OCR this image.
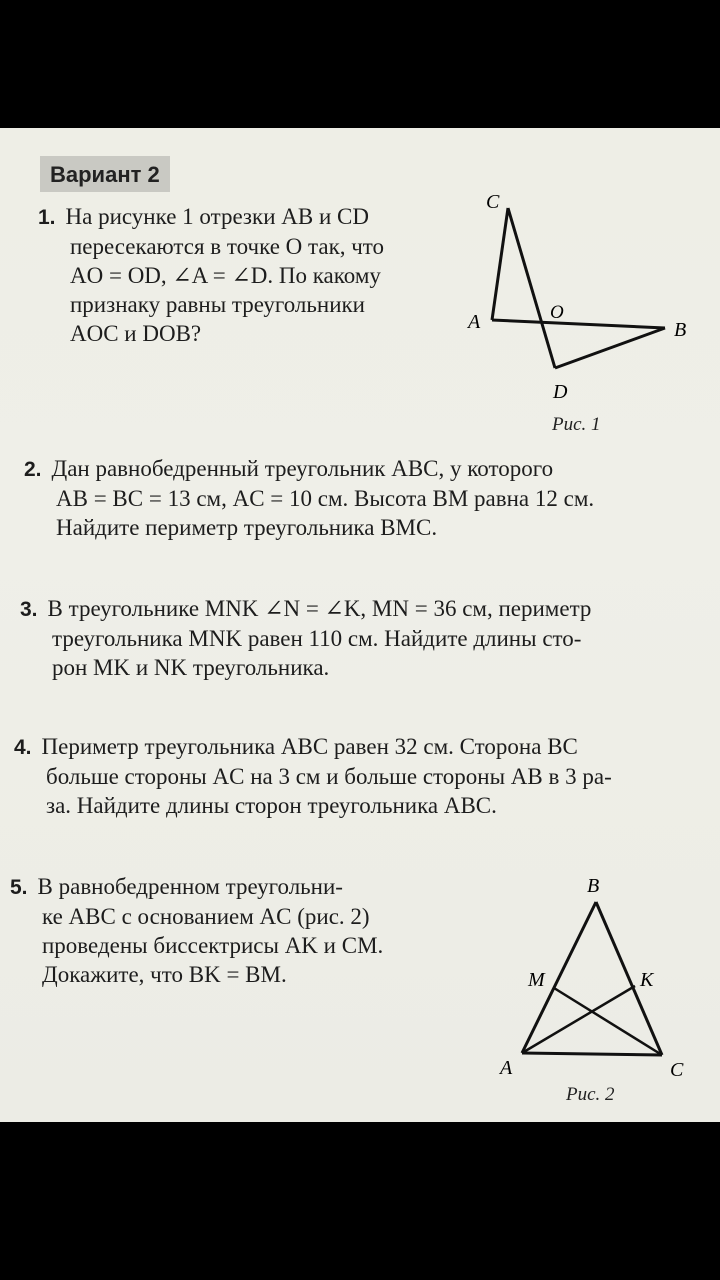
Вариант 2
1. На рисунке 1 отрезки AB и CD
пересекаются в точке O так, что
AO = OD, ∠A = ∠D. По какому
признаку равны треугольники
AOC и DOB?
C
A	O
B
D
Рис. 1
2. Дан равнобедренный треугольник ABC, у которого
AB = BC = 13 см, AC = 10 см. Высота BM равна 12 см.
Найдите периметр треугольника BMC.
3. В треугольнике MNK ∠N = ∠K, MN = 36 см, периметр
треугольника MNK равен 110 см. Найдите длины сто-
рон MK и NK треугольника.
4. Периметр треугольника ABC равен 32 см. Сторона BC
больше стороны AC на 3 см и больше стороны AB в 3 ра-
за. Найдите длины сторон треугольника ABC.
5. В равнобедренном треугольни-
ке ABC с основанием AC (рис. 2)
проведены биссектрисы AK и CM.
Докажите, что BK = BM.
B
M	K
A	C
Рис. 2
